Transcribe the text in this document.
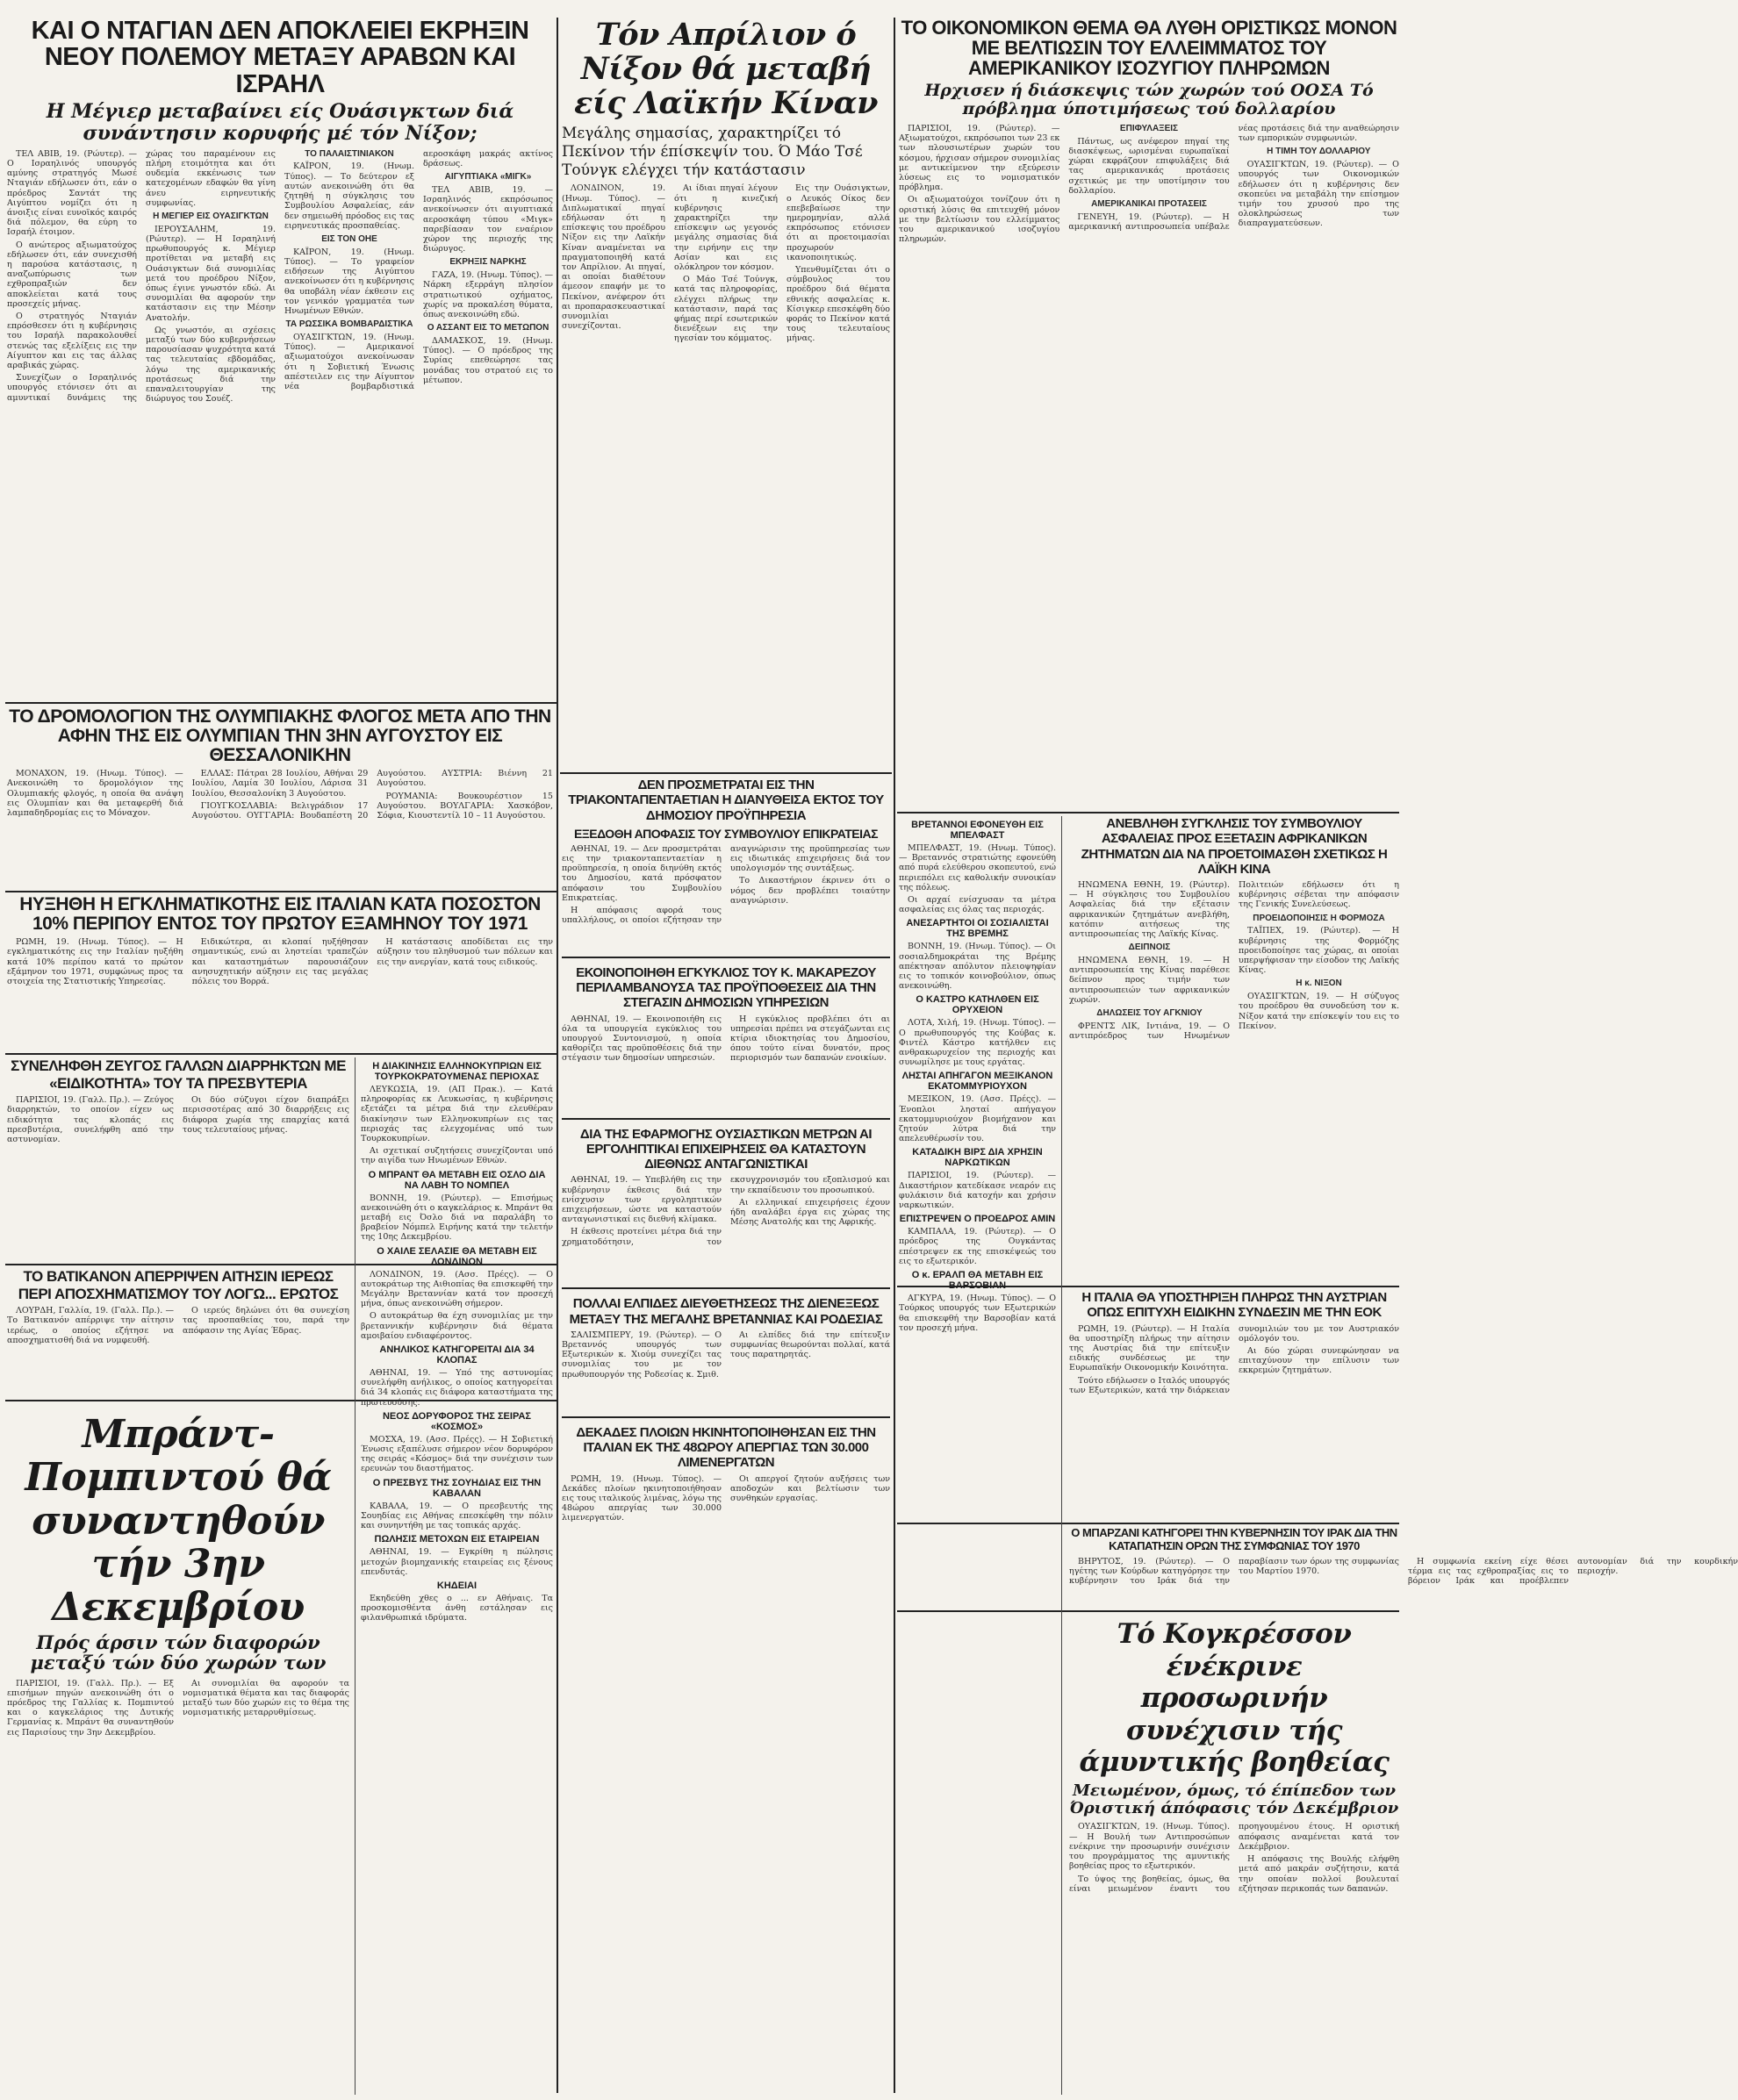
ΚΑΙ Ο ΝΤΑΓΙΑΝ ΔΕΝ ΑΠΟΚΛΕΙΕΙ ΕΚΡΗΞΙΝ ΝΕΟΥ ΠΟΛΕΜΟΥ ΜΕΤΑΞΥ ΑΡΑΒΩΝ ΚΑΙ ΙΣΡΑΗΛ
Η Μέγιερ μεταβαίνει είς Ουάσιγκτων διά συνάντησιν κορυφής μέ τόν Νίξον;

ΤΕΛ ΑΒΙΒ, 19. (Ρώυτερ). — Ο Ισραηλινός υπουργός αμύνης στρατηγός Μωσέ Νταγιάν εδήλωσεν ότι, εάν ο πρόεδρος Σαντάτ της Αιγύπτου νομίζει ότι η άνοιξις είναι ευνοϊκός καιρός διά πόλεμον, θα εύρη το Ισραήλ έτοιμον.

Ο ανώτερος αξιωματούχος εδήλωσεν ότι, εάν συνεχισθή η παρούσα κατάστασις, η αναζωπύρωσις των εχθροπραξιών δεν αποκλείεται κατά τους προσεχείς μήνας.

Ο στρατηγός Νταγιάν επρόσθεσεν ότι η κυβέρνησις του Ισραήλ παρακολουθεί στενώς τας εξελίξεις εις την Αίγυπτον και εις τας άλλας αραβικάς χώρας.

Συνεχίζων ο Ισραηλινός υπουργός ετόνισεν ότι αι αμυντικαί δυνάμεις της χώρας του παραμένουν εις πλήρη ετοιμότητα και ότι ουδεμία εκκένωσις των κατεχομένων εδαφών θα γίνη άνευ ειρηνευτικής συμφωνίας.

Η ΜΕΓΙΕΡ ΕΙΣ ΟΥΑΣΙΓΚΤΩΝ

ΙΕΡΟΥΣΑΛΗΜ, 19. (Ρώυτερ). — Η Ισραηλινή πρωθυπουργός κ. Μέγιερ προτίθεται να μεταβή εις Ουάσιγκτων διά συνομιλίας μετά του προέδρου Νίξον, όπως έγινε γνωστόν εδώ. Αι συνομιλίαι θα αφορούν την κατάστασιν εις την Μέσην Ανατολήν.

Ως γνωστόν, αι σχέσεις μεταξύ των δύο κυβερνήσεων παρουσίασαν ψυχρότητα κατά τας τελευταίας εβδομάδας, λόγω της αμερικανικής προτάσεως διά την επαναλειτουργίαν της διώρυγος του Σουέζ.

ΤΟ ΠΑΛΑΙΣΤΙΝΙΑΚΟΝ

ΚΑΪΡΟΝ, 19. (Ηνωμ. Τύπος). — Το δεύτερον εξ αυτών ανεκοινώθη ότι θα ζητηθή η σύγκλησις του Συμβουλίου Ασφαλείας, εάν δεν σημειωθή πρόοδος εις τας ειρηνευτικάς προσπαθείας.

ΕΙΣ ΤΟΝ ΟΗΕ

ΚΑΪΡΟΝ, 19. (Ηνωμ. Τύπος). — Το γραφείον ειδήσεων της Αιγύπτου ανεκοίνωσεν ότι η κυβέρνησις θα υποβάλη νέαν έκθεσιν εις τον γενικόν γραμματέα των Ηνωμένων Εθνών.

ΤΑ ΡΩΣΣΙΚΑ ΒΟΜΒΑΡΔΙΣΤΙΚΑ

ΟΥΑΣΙΓΚΤΩΝ, 19. (Ηνωμ. Τύπος). — Αμερικανοί αξιωματούχοι ανεκοίνωσαν ότι η Σοβιετική Ένωσις απέστειλεν εις την Αίγυπτον νέα βομβαρδιστικά αεροσκάφη μακράς ακτίνος δράσεως.

ΑΙΓΥΠΤΙΑΚΑ «ΜΙΓΚ»

ΤΕΛ ΑΒΙΒ, 19. — Ισραηλινός εκπρόσωπος ανεκοίνωσεν ότι αιγυπτιακά αεροσκάφη τύπου «Μιγκ» παρεβίασαν τον εναέριον χώρον της περιοχής της διώρυγος.

ΕΚΡΗΞΙΣ ΝΑΡΚΗΣ

ΓΑΖΑ, 19. (Ηνωμ. Τύπος). — Νάρκη εξερράγη πλησίον στρατιωτικού οχήματος, χωρίς να προκαλέση θύματα, όπως ανεκοινώθη εδώ.

Ο ΑΣΣΑΝΤ ΕΙΣ ΤΟ ΜΕΤΩΠΟΝ

ΔΑΜΑΣΚΟΣ, 19. (Ηνωμ. Τύπος). — Ο πρόεδρος της Συρίας επεθεώρησε τας μονάδας του στρατού εις το μέτωπον.

ΤΟ ΔΡΟΜΟΛΟΓΙΟΝ ΤΗΣ ΟΛΥΜΠΙΑΚΗΣ ΦΛΟΓΟΣ ΜΕΤΑ ΑΠΟ ΤΗΝ ΑΦΗΝ ΤΗΣ ΕΙΣ ΟΛΥΜΠΙΑΝ ΤΗΝ 3ΗΝ ΑΥΓΟΥΣΤΟΥ ΕΙΣ ΘΕΣΣΑΛΟΝΙΚΗΝ

ΜΟΝΑΧΟΝ, 19. (Ηνωμ. Τύπος). — Ανεκοινώθη το δρομολόγιον της Ολυμπιακής φλογός, η οποία θα ανάψη εις Ολυμπίαν και θα μεταφερθή διά λαμπαδηδρομίας εις το Μόναχον.

ΕΛΛΑΣ: Πάτραι 28 Ιουλίου, Αθήναι 29 Ιουλίου, Λαμία 30 Ιουλίου, Λάρισα 31 Ιουλίου, Θεσσαλονίκη 3 Αυγούστου.

ΓΙΟΥΓΚΟΣΛΑΒΙΑ: Βελιγράδιον 17 Αυγούστου. ΟΥΓΓΑΡΙΑ: Βουδαπέστη 20 Αυγούστου. ΑΥΣΤΡΙΑ: Βιέννη 21 Αυγούστου.

ΡΟΥΜΑΝΙΑ: Βουκουρέστιον 15 Αυγούστου. ΒΟΥΛΓΑΡΙΑ: Χασκόβον, Σόφια, Κιουστεντίλ 10 – 11 Αυγούστου.

ΗΥΞΗΘΗ Η ΕΓΚΛΗΜΑΤΙΚΟΤΗΣ ΕΙΣ ΙΤΑΛΙΑΝ ΚΑΤΑ ΠΟΣΟΣΤΟΝ 10% ΠΕΡΙΠΟΥ ΕΝΤΟΣ ΤΟΥ ΠΡΩΤΟΥ ΕΞΑΜΗΝΟΥ ΤΟΥ 1971

ΡΩΜΗ, 19. (Ηνωμ. Τύπος). — Η εγκληματικότης εις την Ιταλίαν ηυξήθη κατά 10% περίπου κατά το πρώτον εξάμηνον του 1971, συμφώνως προς τα στοιχεία της Στατιστικής Υπηρεσίας.

Ειδικώτερα, αι κλοπαί ηυξήθησαν σημαντικώς, ενώ αι ληστείαι τραπεζών και καταστημάτων παρουσιάζουν ανησυχητικήν αύξησιν εις τας μεγάλας πόλεις του Βορρά.

Η κατάστασις αποδίδεται εις την αύξησιν του πληθυσμού των πόλεων και εις την ανεργίαν, κατά τους ειδικούς.

ΣΥΝΕΛΗΦΘΗ ΖΕΥΓΟΣ ΓΑΛΛΩΝ ΔΙΑΡΡΗΚΤΩΝ ΜΕ «ΕΙΔΙΚΟΤΗΤΑ» ΤΟΥ ΤΑ ΠΡΕΣΒΥΤΕΡΙΑ

ΠΑΡΙΣΙΟΙ, 19. (Γαλλ. Πρ.). — Ζεύγος διαρρηκτών, το οποίον είχεν ως ειδικότητα τας κλοπάς εις πρεσβυτέρια, συνελήφθη από την αστυνομίαν.

Οι δύο σύζυγοι είχον διαπράξει περισσοτέρας από 30 διαρρήξεις εις διάφορα χωρία της επαρχίας κατά τους τελευταίους μήνας.

ΤΟ ΒΑΤΙΚΑΝΟΝ ΑΠΕΡΡΙΨΕΝ ΑΙΤΗΣΙΝ ΙΕΡΕΩΣ ΠΕΡΙ ΑΠΟΣΧΗΜΑΤΙΣΜΟΥ ΤΟΥ ΛΟΓΩ... ΕΡΩΤΟΣ

ΛΟΥΡΔΗ, Γαλλία, 19. (Γαλλ. Πρ.). — Το Βατικανόν απέρριψε την αίτησιν ιερέως, ο οποίος εζήτησε να αποσχηματισθή διά να νυμφευθή.

Ο ιερεύς δηλώνει ότι θα συνεχίση τας προσπαθείας του, παρά την απόφασιν της Αγίας Έδρας.

Μπράντ-Πομπιντού θά συναντηθούν τήν 3ην Δεκεμβρίου
Πρός άρσιν τών διαφορών μεταξύ τών δύο χωρών των

ΠΑΡΙΣΙΟΙ, 19. (Γαλλ. Πρ.). — Εξ επισήμων πηγών ανεκοινώθη ότι ο πρόεδρος της Γαλλίας κ. Πομπιντού και ο καγκελάριος της Δυτικής Γερμανίας κ. Μπράντ θα συναντηθούν εις Παρισίους την 3ην Δεκεμβρίου.

Αι συνομιλίαι θα αφορούν τα νομισματικά θέματα και τας διαφοράς μεταξύ των δύο χωρών εις το θέμα της νομισματικής μεταρρυθμίσεως.

Η ΔΙΑΚΙΝΗΣΙΣ ΕΛΛΗΝΟΚΥΠΡΙΩΝ ΕΙΣ ΤΟΥΡΚΟΚΡΑΤΟΥΜΕΝΑΣ ΠΕΡΙΟΧΑΣ

ΛΕΥΚΩΣΙΑ, 19. (ΑΠ Πρακ.). — Κατά πληροφορίας εκ Λευκωσίας, η κυβέρνησις εξετάζει τα μέτρα διά την ελευθέραν διακίνησιν των Ελληνοκυπρίων εις τας περιοχάς τας ελεγχομένας υπό των Τουρκοκυπρίων.

Αι σχετικαί συζητήσεις συνεχίζονται υπό την αιγίδα των Ηνωμένων Εθνών.

Ο ΜΠΡΑΝΤ ΘΑ ΜΕΤΑΒΗ ΕΙΣ ΟΣΛΟ ΔΙΑ ΝΑ ΛΑΒΗ ΤΟ ΝΟΜΠΕΛ

ΒΟΝΝΗ, 19. (Ρώυτερ). — Επισήμως ανεκοινώθη ότι ο καγκελάριος κ. Μπράντ θα μεταβή εις Όσλο διά να παραλάβη το βραβείον Νόμπελ Ειρήνης κατά την τελετήν της 10ης Δεκεμβρίου.

Ο ΧΑΙΛΕ ΣΕΛΑΣΙΕ ΘΑ ΜΕΤΑΒΗ ΕΙΣ ΛΟΝΔΙΝΟΝ

ΛΟΝΔΙΝΟΝ, 19. (Ασσ. Πρέςς). — Ο αυτοκράτωρ της Αιθιοπίας θα επισκεφθή την Μεγάλην Βρεταννίαν κατά τον προσεχή μήνα, όπως ανεκοινώθη σήμερον.

Ο αυτοκράτωρ θα έχη συνομιλίας με την βρεταννικήν κυβέρνησιν διά θέματα αμοιβαίου ενδιαφέροντος.

ΑΝΗΛΙΚΟΣ ΚΑΤΗΓΟΡΕΙΤΑΙ ΔΙΑ 34 ΚΛΟΠΑΣ

ΑΘΗΝΑΙ, 19. — Υπό της αστυνομίας συνελήφθη ανήλικος, ο οποίος κατηγορείται διά 34 κλοπάς εις διάφορα καταστήματα της πρωτευούσης.

ΝΕΟΣ ΔΟΡΥΦΟΡΟΣ ΤΗΣ ΣΕΙΡΑΣ «ΚΟΣΜΟΣ»

ΜΟΣΧΑ, 19. (Ασσ. Πρέςς). — Η Σοβιετική Ένωσις εξαπέλυσε σήμερον νέον δορυφόρον της σειράς «Κόσμος» διά την συνέχισιν των ερευνών του διαστήματος.

Ο ΠΡΕΣΒΥΣ ΤΗΣ ΣΟΥΗΔΙΑΣ ΕΙΣ ΤΗΝ ΚΑΒΑΛΑΝ

ΚΑΒΑΛΑ, 19. — Ο πρεσβευτής της Σουηδίας εις Αθήνας επεσκέφθη την πόλιν και συνηντήθη με τας τοπικάς αρχάς.

ΠΩΛΗΣΙΣ ΜΕΤΟΧΩΝ ΕΙΣ ΕΤΑΙΡΕΙΑΝ

ΑΘΗΝΑΙ, 19. — Εγκρίθη η πώλησις μετοχών βιομηχανικής εταιρείας εις ξένους επενδυτάς.

ΚΗΔΕΙΑΙ

Εκηδεύθη χθες ο ... εν Αθήναις. Τα προσκομισθέντα άνθη εστάλησαν εις φιλανθρωπικά ιδρύματα.

Τόν Απρίλιον ό Νίξον θά μεταβή είς Λαϊκήν Κίναν
Μεγάλης σημασίας, χαρακτηρίζει τό Πεκίνον τήν έπίσκεψίν του. Ό Μάο Τσέ Τούνγκ ελέγχει τήν κατάστασιν

ΛΟΝΔΙΝΟΝ, 19. (Ηνωμ. Τύπος). — Διπλωματικαί πηγαί εδήλωσαν ότι η επίσκεψις του προέδρου Νίξον εις την Λαϊκήν Κίναν αναμένεται να πραγματοποιηθή κατά τον Απρίλιον. Αι πηγαί, αι οποίαι διαθέτουν άμεσον επαφήν με το Πεκίνον, ανέφερον ότι αι προπαρασκευαστικαί συνομιλίαι συνεχίζονται.

Αι ίδιαι πηγαί λέγουν ότι η κινεζική κυβέρνησις χαρακτηρίζει την επίσκεψιν ως γεγονός μεγάλης σημασίας διά την ειρήνην εις την Ασίαν και εις ολόκληρον τον κόσμον.

Ο Μάο Τσέ Τούνγκ, κατά τας πληροφορίας, ελέγχει πλήρως την κατάστασιν, παρά τας φήμας περί εσωτερικών διενέξεων εις την ηγεσίαν του κόμματος.

Εις την Ουάσιγκτων, ο Λευκός Οίκος δεν επεβεβαίωσε την ημερομηνίαν, αλλά εκπρόσωπος ετόνισεν ότι αι προετοιμασίαι προχωρούν ικανοποιητικώς.

Υπενθυμίζεται ότι ο σύμβουλος του προέδρου διά θέματα εθνικής ασφαλείας κ. Κίσιγκερ επεσκέφθη δύο φοράς το Πεκίνον κατά τους τελευταίους μήνας.

ΔΕΝ ΠΡΟΣΜΕΤΡΑΤΑΙ ΕΙΣ ΤΗΝ ΤΡΙΑΚΟΝΤΑΠΕΝΤΑΕΤΙΑΝ Η ΔΙΑΝΥΘΕΙΣΑ ΕΚΤΟΣ ΤΟΥ ΔΗΜΟΣΙΟΥ ΠΡΟΫΠΗΡΕΣΙΑ
ΕΞΕΔΟΘΗ ΑΠΟΦΑΣΙΣ ΤΟΥ ΣΥΜΒΟΥΛΙΟΥ ΕΠΙΚΡΑΤΕΙΑΣ

ΑΘΗΝΑΙ, 19. — Δεν προσμετράται εις την τριακονταπενταετίαν η προϋπηρεσία, η οποία διηνύθη εκτός του Δημοσίου, κατά πρόσφατον απόφασιν του Συμβουλίου Επικρατείας.

Η απόφασις αφορά τους υπαλλήλους, οι οποίοι εζήτησαν την αναγνώρισιν της προϋπηρεσίας των εις ιδιωτικάς επιχειρήσεις διά τον υπολογισμόν της συντάξεως.

Το Δικαστήριον έκρινεν ότι ο νόμος δεν προβλέπει τοιαύτην αναγνώρισιν.

ΕΚΟΙΝΟΠΟΙΗΘΗ ΕΓΚΥΚΛΙΟΣ ΤΟΥ Κ. ΜΑΚΑΡΕΖΟΥ ΠΕΡΙΛΑΜΒΑΝΟΥΣΑ ΤΑΣ ΠΡΟΫΠΟΘΕΣΕΙΣ ΔΙΑ ΤΗΝ ΣΤΕΓΑΣΙΝ ΔΗΜΟΣΙΩΝ ΥΠΗΡΕΣΙΩΝ

ΑΘΗΝΑΙ, 19. — Εκοινοποιήθη εις όλα τα υπουργεία εγκύκλιος του υπουργού Συντονισμού, η οποία καθορίζει τας προϋποθέσεις διά την στέγασιν των δημοσίων υπηρεσιών.

Η εγκύκλιος προβλέπει ότι αι υπηρεσίαι πρέπει να στεγάζωνται εις κτίρια ιδιοκτησίας του Δημοσίου, όπου τούτο είναι δυνατόν, προς περιορισμόν των δαπανών ενοικίων.

ΔΙΑ ΤΗΣ ΕΦΑΡΜΟΓΗΣ ΟΥΣΙΑΣΤΙΚΩΝ ΜΕΤΡΩΝ ΑΙ ΕΡΓΟΛΗΠΤΙΚΑΙ ΕΠΙΧΕΙΡΗΣΕΙΣ ΘΑ ΚΑΤΑΣΤΟΥΝ ΔΙΕΘΝΩΣ ΑΝΤΑΓΩΝΙΣΤΙΚΑΙ

ΑΘΗΝΑΙ, 19. — Υπεβλήθη εις την κυβέρνησιν έκθεσις διά την ενίσχυσιν των εργοληπτικών επιχειρήσεων, ώστε να καταστούν ανταγωνιστικαί εις διεθνή κλίμακα.

Η έκθεσις προτείνει μέτρα διά την χρηματοδότησιν, τον εκσυγχρονισμόν του εξοπλισμού και την εκπαίδευσιν του προσωπικού.

Αι ελληνικαί επιχειρήσεις έχουν ήδη αναλάβει έργα εις χώρας της Μέσης Ανατολής και της Αφρικής.

ΠΟΛΛΑΙ ΕΛΠΙΔΕΣ ΔΙΕΥΘΕΤΗΣΕΩΣ ΤΗΣ ΔΙΕΝΕΞΕΩΣ ΜΕΤΑΞΥ ΤΗΣ ΜΕΓΑΛΗΣ ΒΡΕΤΑΝΝΙΑΣ ΚΑΙ ΡΟΔΕΣΙΑΣ

ΣΑΛΙΣΜΠΕΡΥ, 19. (Ρώυτερ). — Ο Βρεταννός υπουργός των Εξωτερικών κ. Χιούμ συνεχίζει τας συνομιλίας του με τον πρωθυπουργόν της Ροδεσίας κ. Σμιθ.

Αι ελπίδες διά την επίτευξιν συμφωνίας θεωρούνται πολλαί, κατά τους παρατηρητάς.

ΔΕΚΑΔΕΣ ΠΛΟΙΩΝ ΗΚΙΝΗΤΟΠΟΙΗΘΗΣΑΝ ΕΙΣ ΤΗΝ ΙΤΑΛΙΑΝ ΕΚ ΤΗΣ 48ΩΡΟΥ ΑΠΕΡΓΙΑΣ ΤΩΝ 30.000 ΛΙΜΕΝΕΡΓΑΤΩΝ

ΡΩΜΗ, 19. (Ηνωμ. Τύπος). — Δεκάδες πλοίων ηκινητοποιήθησαν εις τους ιταλικούς λιμένας, λόγω της 48ώρου απεργίας των 30.000 λιμενεργατών.

Οι απεργοί ζητούν αυξήσεις των αποδοχών και βελτίωσιν των συνθηκών εργασίας.

ΤΟ ΟΙΚΟΝΟΜΙΚΟΝ ΘΕΜΑ ΘΑ ΛΥΘΗ ΟΡΙΣΤΙΚΩΣ ΜΟΝΟΝ ΜΕ ΒΕΛΤΙΩΣΙΝ ΤΟΥ ΕΛΛΕΙΜΜΑΤΟΣ ΤΟΥ ΑΜΕΡΙΚΑΝΙΚΟΥ ΙΣΟΖΥΓΙΟΥ ΠΛΗΡΩΜΩΝ
Ηρχισεν ή διάσκεψις τών χωρών τού ΟΟΣΑ Τό πρόβλημα ύποτιμήσεως τού δολλαρίου

ΠΑΡΙΣΙΟΙ, 19. (Ρώυτερ). — Αξιωματούχοι, εκπρόσωποι των 23 εκ των πλουσιωτέρων χωρών του κόσμου, ήρχισαν σήμερον συνομιλίας με αντικείμενον την εξεύρεσιν λύσεως εις το νομισματικόν πρόβλημα.

Οι αξιωματούχοι τονίζουν ότι η οριστική λύσις θα επιτευχθή μόνον με την βελτίωσιν του ελλείμματος του αμερικανικού ισοζυγίου πληρωμών.

ΕΠΙΦΥΛΑΞΕΙΣ

Πάντως, ως ανέφερον πηγαί της διασκέψεως, ωρισμέναι ευρωπαϊκαί χώραι εκφράζουν επιφυλάξεις διά τας αμερικανικάς προτάσεις σχετικώς με την υποτίμησιν του δολλαρίου.

ΑΜΕΡΙΚΑΝΙΚΑΙ ΠΡΟΤΑΣΕΙΣ

ΓΕΝΕΥΗ, 19. (Ρώυτερ). — Η αμερικανική αντιπροσωπεία υπέβαλε νέας προτάσεις διά την αναθεώρησιν των εμπορικών συμφωνιών.

Η ΤΙΜΗ ΤΟΥ ΔΟΛΛΑΡΙΟΥ

ΟΥΑΣΙΓΚΤΩΝ, 19. (Ρώυτερ). — Ο υπουργός των Οικονομικών εδήλωσεν ότι η κυβέρνησις δεν σκοπεύει να μεταβάλη την επίσημον τιμήν του χρυσού προ της ολοκληρώσεως των διαπραγματεύσεων.

ΒΡΕΤΑΝΝΟΙ ΕΦΟΝΕΥΘΗ ΕΙΣ ΜΠΕΛΦΑΣΤ

ΜΠΕΛΦΑΣΤ, 19. (Ηνωμ. Τύπος). — Βρεταννός στρατιώτης εφονεύθη από πυρά ελεύθερου σκοπευτού, ενώ περιεπόλει εις καθολικήν συνοικίαν της πόλεως.

Οι αρχαί ενίσχυσαν τα μέτρα ασφαλείας εις όλας τας περιοχάς.

ΑΝΕΣΑΡΤΗΤΟΙ ΟΙ ΣΟΣΙΑΛΙΣΤΑΙ ΤΗΣ ΒΡΕΜΗΣ

ΒΟΝΝΗ, 19. (Ηνωμ. Τύπος). — Οι σοσιαλδημοκράται της Βρέμης απέκτησαν απόλυτον πλειοψηφίαν εις το τοπικόν κοινοβούλιον, όπως ανεκοινώθη.

Ο ΚΑΣΤΡΟ ΚΑΤΗΛΘΕΝ ΕΙΣ ΟΡΥΧΕΙΟΝ

ΛΟΤΑ, Χιλή, 19. (Ηνωμ. Τύπος). — Ο πρωθυπουργός της Κούβας κ. Φιντέλ Κάστρο κατήλθεν εις ανθρακωρυχείον της περιοχής και συνωμίλησε με τους εργάτας.

ΛΗΣΤΑΙ ΑΠΗΓΑΓΟΝ ΜΕΞΙΚΑΝΟΝ ΕΚΑΤΟΜΜΥΡΙΟΥΧΟΝ

ΜΕΞΙΚΟΝ, 19. (Ασσ. Πρέςς). — Ένοπλοι λησταί απήγαγον εκατομμυριούχον βιομήχανον και ζητούν λύτρα διά την απελευθέρωσίν του.

ΚΑΤΑΔΙΚΗ ΒΙΡΣ ΔΙΑ ΧΡΗΣΙΝ ΝΑΡΚΩΤΙΚΩΝ

ΠΑΡΙΣΙΟΙ, 19. (Ρώυτερ). — Δικαστήριον κατεδίκασε νεαρόν εις φυλάκισιν διά κατοχήν και χρήσιν ναρκωτικών.

ΕΠΙΣΤΡΕΨΕΝ Ο ΠΡΟΕΔΡΟΣ ΑΜΙΝ

ΚΑΜΠΑΛΑ, 19. (Ρώυτερ). — Ο πρόεδρος της Ουγκάντας επέστρεψεν εκ της επισκέψεώς του εις το εξωτερικόν.

Ο κ. ΕΡΑΛΠ ΘΑ ΜΕΤΑΒΗ ΕΙΣ ΒΑΡΣΟΒΙΑΝ

ΑΓΚΥΡΑ, 19. (Ηνωμ. Τύπος). — Ο Τούρκος υπουργός των Εξωτερικών θα επισκεφθή την Βαρσοβίαν κατά τον προσεχή μήνα.

ΑΝΕΒΛΗΘΗ ΣΥΓΚΛΗΣΙΣ ΤΟΥ ΣΥΜΒΟΥΛΙΟΥ ΑΣΦΑΛΕΙΑΣ ΠΡΟΣ ΕΞΕΤΑΣΙΝ ΑΦΡΙΚΑΝΙΚΩΝ ΖΗΤΗΜΑΤΩΝ ΔΙΑ ΝΑ ΠΡΟΕΤΟΙΜΑΣΘΗ ΣΧΕΤΙΚΩΣ Η ΛΑΪΚΗ ΚΙΝΑ

ΗΝΩΜΕΝΑ ΕΘΝΗ, 19. (Ρώυτερ). — Η σύγκλησις του Συμβουλίου Ασφαλείας διά την εξέτασιν αφρικανικών ζητημάτων ανεβλήθη, κατόπιν αιτήσεως της αντιπροσωπείας της Λαϊκής Κίνας.

ΔΕΙΠΝΟΙΣ

ΗΝΩΜΕΝΑ ΕΘΝΗ, 19. — Η αντιπροσωπεία της Κίνας παρέθεσε δείπνον προς τιμήν των αντιπροσωπειών των αφρικανικών χωρών.

ΔΗΛΩΣΕΙΣ ΤΟΥ ΑΓΚΝΙΟΥ

ΦΡΕΝΤΣ ΛΙΚ, Ιντιάνα, 19. — Ο αντιπρόεδρος των Ηνωμένων Πολιτειών εδήλωσεν ότι η κυβέρνησις σέβεται την απόφασιν της Γενικής Συνελεύσεως.

ΠΡΟΕΙΔΟΠΟΙΗΣΙΣ Η ΦΟΡΜΟΖΑ

ΤΑΪΠΕΧ, 19. (Ρώυτερ). — Η κυβέρνησις της Φορμόζης προειδοποίησε τας χώρας, αι οποίαι υπερψήφισαν την είσοδον της Λαϊκής Κίνας.

Η κ. ΝΙΞΟΝ

ΟΥΑΣΙΓΚΤΩΝ, 19. — Η σύζυγος του προέδρου θα συνοδεύση τον κ. Νίξον κατά την επίσκεψίν του εις το Πεκίνον.

Η ΙΤΑΛΙΑ ΘΑ ΥΠΟΣΤΗΡΙΞΗ ΠΛΗΡΩΣ ΤΗΝ ΑΥΣΤΡΙΑΝ ΟΠΩΣ ΕΠΙΤΥΧΗ ΕΙΔΙΚΗΝ ΣΥΝΔΕΣΙΝ ΜΕ ΤΗΝ ΕΟΚ

ΡΩΜΗ, 19. (Ρώυτερ). — Η Ιταλία θα υποστηρίξη πλήρως την αίτησιν της Αυστρίας διά την επίτευξιν ειδικής συνδέσεως με την Ευρωπαϊκήν Οικονομικήν Κοινότητα.

Τούτο εδήλωσεν ο Ιταλός υπουργός των Εξωτερικών, κατά την διάρκειαν συνομιλιών του με τον Αυστριακόν ομόλογόν του.

Αι δύο χώραι συνεφώνησαν να επιταχύνουν την επίλυσιν των εκκρεμών ζητημάτων.

Ο ΜΠΑΡΖΑΝΙ ΚΑΤΗΓΟΡΕΙ ΤΗΝ ΚΥΒΕΡΝΗΣΙΝ ΤΟΥ ΙΡΑΚ ΔΙΑ ΤΗΝ ΚΑΤΑΠΑΤΗΣΙΝ ΟΡΩΝ ΤΗΣ ΣΥΜΦΩΝΙΑΣ ΤΟΥ 1970

ΒΗΡΥΤΟΣ, 19. (Ρώυτερ). — Ο ηγέτης των Κούρδων κατηγόρησε την κυβέρνησιν του Ιράκ διά την παραβίασιν των όρων της συμφωνίας του Μαρτίου 1970.

Η συμφωνία εκείνη είχε θέσει τέρμα εις τας εχθροπραξίας εις το βόρειον Ιράκ και προέβλεπεν αυτονομίαν διά την κουρδικήν περιοχήν.

Τό Κογκρέσσον ένέκρινε προσωρινήν συνέχισιν τής άμυντικής βοηθείας
Μειωμένον, όμως, τό έπίπεδον των Όριστική άπόφασις τόν Δεκέμβριον

ΟΥΑΣΙΓΚΤΩΝ, 19. (Ηνωμ. Τύπος). — Η Βουλή των Αντιπροσώπων ενέκρινε την προσωρινήν συνέχισιν του προγράμματος της αμυντικής βοηθείας προς το εξωτερικόν.

Το ύψος της βοηθείας, όμως, θα είναι μειωμένον έναντι του προηγουμένου έτους. Η οριστική απόφασις αναμένεται κατά τον Δεκέμβριον.

Η απόφασις της Βουλής ελήφθη μετά από μακράν συζήτησιν, κατά την οποίαν πολλοί βουλευταί εζήτησαν περικοπάς των δαπανών.
